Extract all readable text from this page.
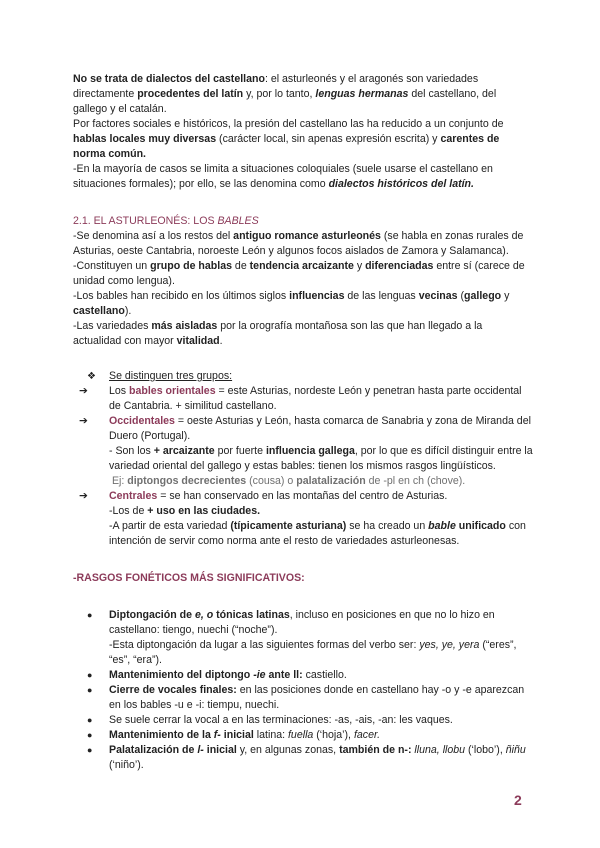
No se trata de dialectos del castellano: el asturleonés y el aragonés son variedades directamente procedentes del latín y, por lo tanto, lenguas hermanas del castellano, del gallego y el catalán.

Por factores sociales e históricos, la presión del castellano las ha reducido a un conjunto de hablas locales muy diversas (carácter local, sin apenas expresión escrita) y carentes de norma común.

-En la mayoría de casos se limita a situaciones coloquiales (suele usarse el castellano en situaciones formales); por ello, se las denomina como dialectos históricos del latín.

2.1. EL ASTURLEONÉS: LOS BABLES

-Se denomina así a los restos del antiguo romance asturleonés (se habla en zonas rurales de Asturias, oeste Cantabria, noroeste León y algunos focos aislados de Zamora y Salamanca).

-Constituyen un grupo de hablas de tendencia arcaizante y diferenciadas entre sí (carece de unidad como lengua).

-Los bables han recibido en los últimos siglos influencias de las lenguas vecinas (gallego y castellano).

-Las variedades más aisladas por la orografía montañosa son las que han llegado a la actualidad con mayor vitalidad.

❖	Se distinguen tres grupos:
➔	Los bables orientales = este Asturias, nordeste León y penetran hasta parte occidental de Cantabria. + similitud castellano.
➔	Occidentales = oeste Asturias y León, hasta comarca de Sanabria y zona de Miranda del Duero (Portugal).
- Son los + arcaizante por fuerte influencia gallega, por lo que es difícil distinguir entre la variedad oriental del gallego y estas bables: tienen los mismos rasgos lingüísticos.
Ej: diptongos decrecientes (cousa) o palatalización de -pl en ch (chove).
➔	Centrales = se han conservado en las montañas del centro de Asturias.
-Los de + uso en las ciudades.
-A partir de esta variedad (típicamente asturiana) se ha creado un bable unificado con intención de servir como norma ante el resto de variedades asturleonesas.

-RASGOS FONÉTICOS MÁS SIGNIFICATIVOS:

●	Diptongación de e, o tónicas latinas, incluso en posiciones en que no lo hizo en castellano: tiengo, nuechi (“noche”).
-Esta diptongación da lugar a las siguientes formas del verbo ser: yes, ye, yera (“eres”, “es”, “era”).
●	Mantenimiento del diptongo -ie ante ll: castiello.
●	Cierre de vocales finales: en las posiciones donde en castellano hay -o y -e aparezcan en los bables -u e -i: tiempu, nuechi.
●	Se suele cerrar la vocal a en las terminaciones: -as, -ais, -an: les vaques.
●	Mantenimiento de la f- inicial latina: fuella (‘hoja’), facer.
●	Palatalización de l- inicial y, en algunas zonas, también de n-: lluna, llobu (‘lobo’), ñiñu (‘niño’).
2
